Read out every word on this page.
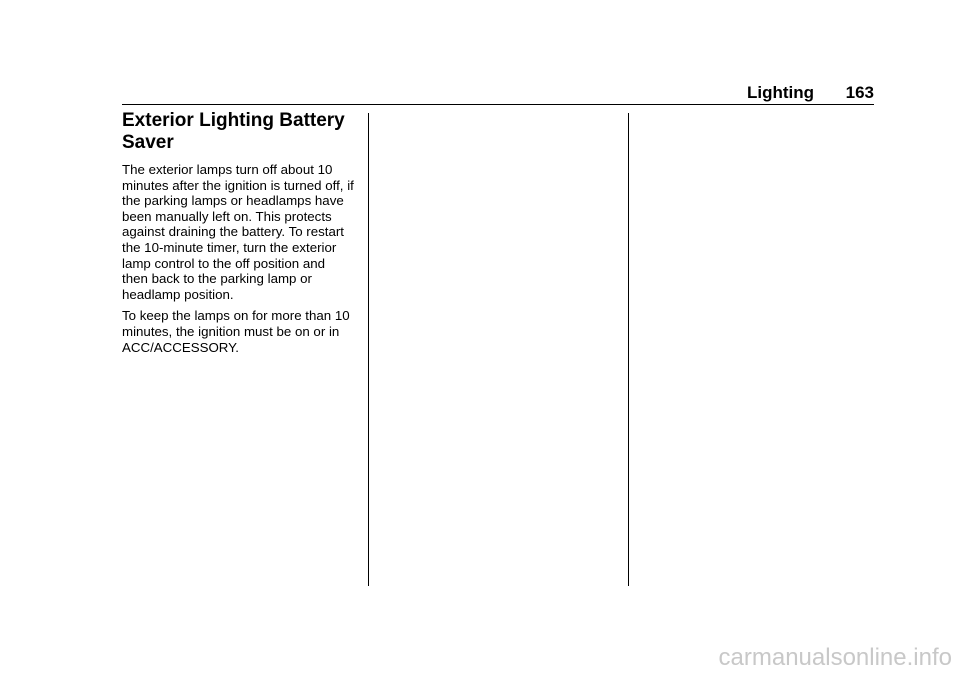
Lighting 163
Exterior Lighting Battery Saver

The exterior lamps turn off about 10 minutes after the ignition is turned off, if the parking lamps or headlamps have been manually left on. This protects against draining the battery. To restart the 10-minute timer, turn the exterior lamp control to the off position and then back to the parking lamp or headlamp position.

To keep the lamps on for more than 10 minutes, the ignition must be on or in ACC/ACCESSORY.

carmanualsonline.info
